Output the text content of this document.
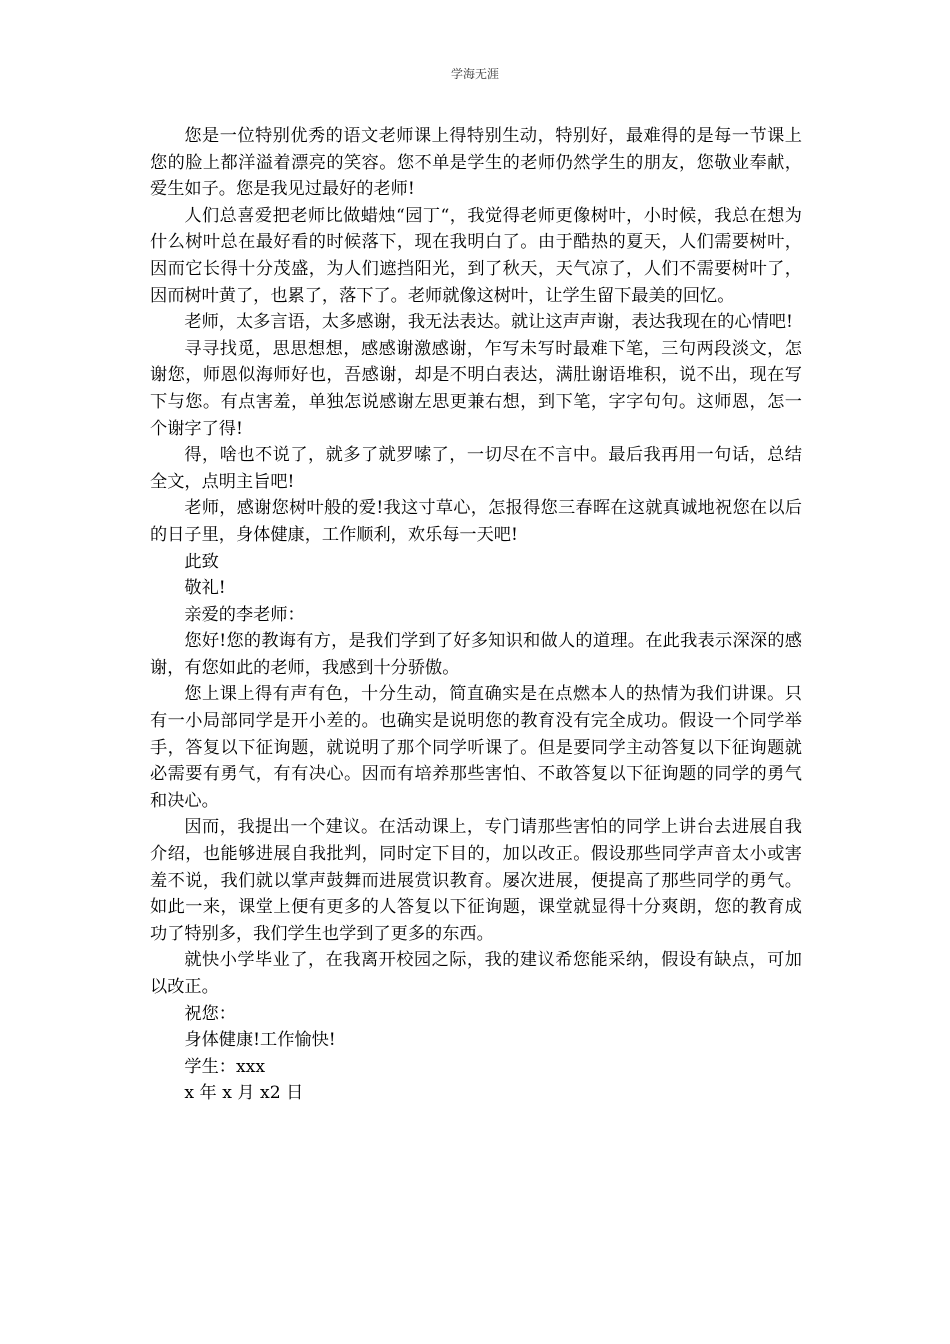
学海无涯

您是一位特别优秀的语文老师课上得特别生动，特别好，最难得的是每一节课上您的脸上都洋溢着漂亮的笑容。您不单是学生的老师仍然学生的朋友，您敬业奉献，爱生如子。您是我见过最好的老师!

人们总喜爱把老师比做蜡烛“园丁“，我觉得老师更像树叶，小时候，我总在想为什么树叶总在最好看的时候落下，现在我明白了。由于酷热的夏天，人们需要树叶，因而它长得十分茂盛，为人们遮挡阳光，到了秋天，天气凉了，人们不需要树叶了，因而树叶黄了，也累了，落下了。老师就像这树叶，让学生留下最美的回忆。

老师，太多言语，太多感谢，我无法表达。就让这声声谢，表达我现在的心情吧!

寻寻找觅，思思想想，感感谢激感谢，乍写未写时最难下笔，三句两段淡文，怎谢您，师恩似海师好也，吾感谢，却是不明白表达，满肚谢语堆积，说不出，现在写下与您。有点害羞，单独怎说感谢左思更兼右想，到下笔，字字句句。这师恩，怎一个谢字了得!

得，啥也不说了，就多了就罗嗦了，一切尽在不言中。最后我再用一句话，总结全文，点明主旨吧!

老师，感谢您树叶般的爱!我这寸草心，怎报得您三春晖在这就真诚地祝您在以后的日子里，身体健康，工作顺利，欢乐每一天吧!

此致

敬礼!

亲爱的李老师：

您好!您的教诲有方，是我们学到了好多知识和做人的道理。在此我表示深深的感谢，有您如此的老师，我感到十分骄傲。

您上课上得有声有色，十分生动，简直确实是在点燃本人的热情为我们讲课。只有一小局部同学是开小差的。也确实是说明您的教育没有完全成功。假设一个同学举手，答复以下征询题，就说明了那个同学听课了。但是要同学主动答复以下征询题就必需要有勇气，有有决心。因而有培养那些害怕、不敢答复以下征询题的同学的勇气和决心。

因而，我提出一个建议。在活动课上，专门请那些害怕的同学上讲台去进展自我介绍，也能够进展自我批判，同时定下目的，加以改正。假设那些同学声音太小或害羞不说，我们就以掌声鼓舞而进展赏识教育。屡次进展，便提高了那些同学的勇气。如此一来，课堂上便有更多的人答复以下征询题，课堂就显得十分爽朗，您的教育成功了特别多，我们学生也学到了更多的东西。

就快小学毕业了，在我离开校园之际，我的建议希您能采纳，假设有缺点，可加以改正。

祝您：

身体健康!工作愉快!

学生：xxx

x 年 x 月 x2 日
